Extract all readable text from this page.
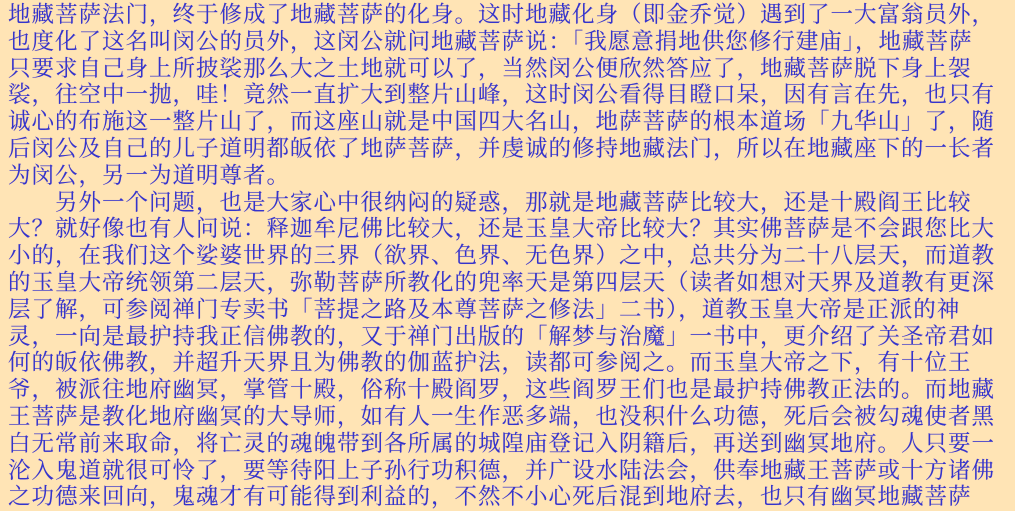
地藏菩萨法门，终于修成了地藏菩萨的化身。这时地藏化身（即金乔觉）遇到了一大富翁员外，
也度化了这名叫闵公的员外，这闵公就问地藏菩萨说：「我愿意捐地供您修行建庙」，地藏菩萨
只要求自己身上所披裟那么大之土地就可以了，当然闵公便欣然答应了，地藏菩萨脱下身上袈
裟，往空中一抛，哇！竟然一直扩大到整片山峰，这时闵公看得目瞪口呆，因有言在先，也只有
诚心的布施这一整片山了，而这座山就是中国四大名山，地萨菩萨的根本道场「九华山」了，随
后闵公及自己的儿子道明都皈依了地萨菩萨，并虔诚的修持地藏法门，所以在地藏座下的一长者
为闵公，另一为道明尊者。
　　另外一个问题，也是大家心中很纳闷的疑惑，那就是地藏菩萨比较大，还是十殿阎王比较
大？就好像也有人问说：释迦牟尼佛比较大，还是玉皇大帝比较大？其实佛菩萨是不会跟您比大
小的，在我们这个娑婆世界的三界（欲界、色界、无色界）之中，总共分为二十八层天，而道教
的玉皇大帝统领第二层天，弥勒菩萨所教化的兜率天是第四层天（读者如想对天界及道教有更深
层了解，可参阅禅门专卖书「菩提之路及本尊菩萨之修法」二书），道教玉皇大帝是正派的神
灵，一向是最护持我正信佛教的，又于禅门出版的「解梦与治魔」一书中，更介绍了关圣帝君如
何的皈依佛教，并超升天界且为佛教的伽蓝护法，读都可参阅之。而玉皇大帝之下，有十位王
爷，被派往地府幽冥，掌管十殿，俗称十殿阎罗，这些阎罗王们也是最护持佛教正法的。而地藏
王菩萨是教化地府幽冥的大导师，如有人一生作恶多端，也没积什么功德，死后会被勾魂使者黑
白无常前来取命，将亡灵的魂魄带到各所属的城隍庙登记入阴籍后，再送到幽冥地府。人只要一
沦入鬼道就很可怜了，要等待阳上子孙行功积德，并广设水陆法会，供奉地藏王菩萨或十方诸佛
之功德来回向，鬼魂才有可能得到利益的，不然不小心死后混到地府去，也只有幽冥地藏菩萨
